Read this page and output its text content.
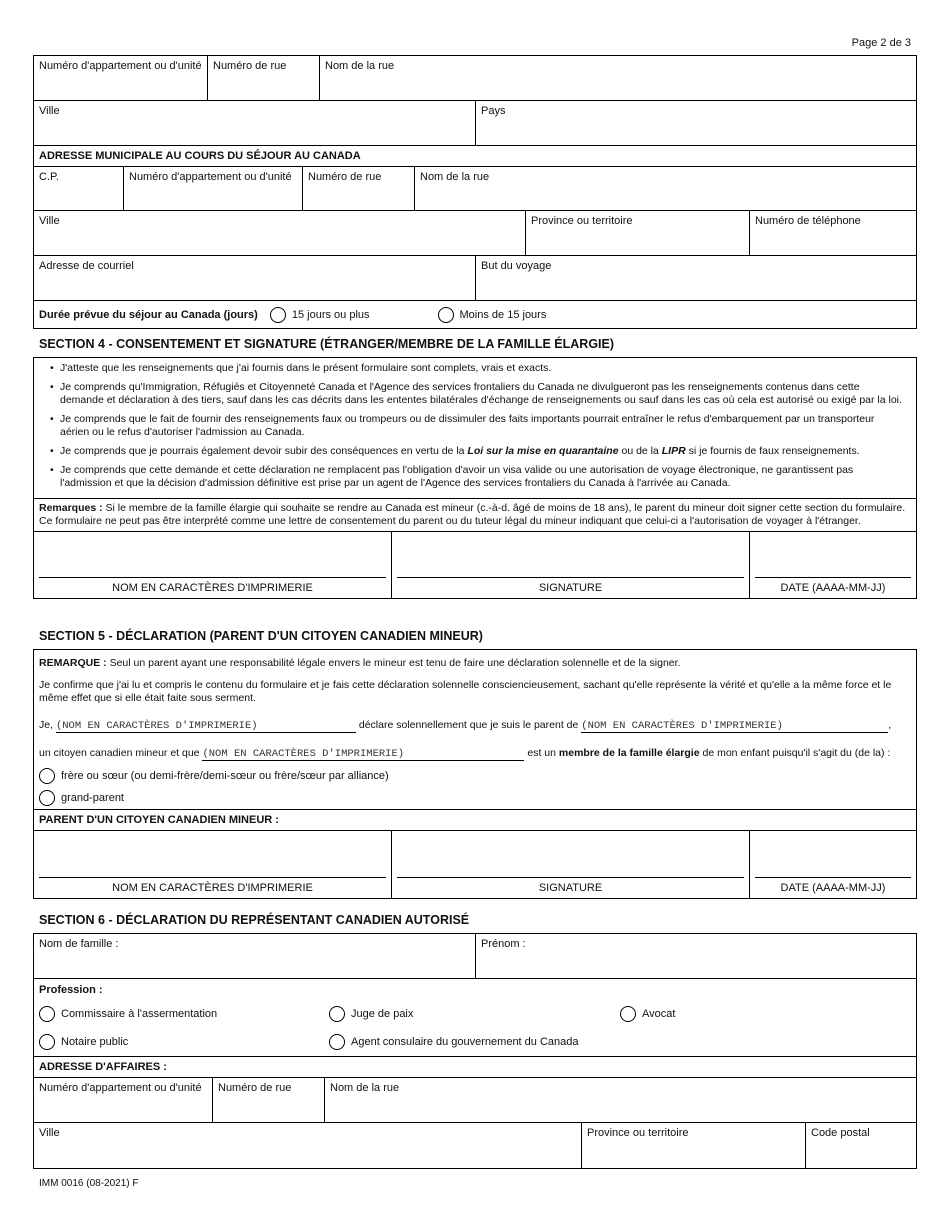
Page 2 de 3
Numéro d'appartement ou d'unité	Numéro de rue	Nom de la rue
Ville	Pays
ADRESSE MUNICIPALE AU COURS DU SÉJOUR AU CANADA
C.P.	Numéro d'appartement ou d'unité	Numéro de rue	Nom de la rue
Ville	Province ou territoire	Numéro de téléphone
Adresse de courriel	But du voyage
Durée prévue du séjour au Canada (jours)	15 jours ou plus	Moins de 15 jours
SECTION 4 - CONSENTEMENT ET SIGNATURE (ÉTRANGER/MEMBRE DE LA FAMILLE ÉLARGIE)
• J'atteste que les renseignements que j'ai fournis dans le présent formulaire sont complets, vrais et exacts.
• Je comprends qu'Immigration, Réfugiés et Citoyenneté Canada et l'Agence des services frontaliers du Canada ne divulgueront pas les renseignements contenus dans cette demande et déclaration à des tiers, sauf dans les cas décrits dans les ententes bilatérales d'échange de renseignements ou sauf dans les cas où cela est autorisé ou exigé par la loi.
• Je comprends que le fait de fournir des renseignements faux ou trompeurs ou de dissimuler des faits importants pourrait entraîner le refus d'embarquement par un transporteur aérien ou le refus d'autoriser l'admission au Canada.
• Je comprends que je pourrais également devoir subir des conséquences en vertu de la Loi sur la mise en quarantaine ou de la LIPR si je fournis de faux renseignements.
• Je comprends que cette demande et cette déclaration ne remplacent pas l'obligation d'avoir un visa valide ou une autorisation de voyage électronique, ne garantissent pas l'admission et que la décision d'admission définitive est prise par un agent de l'Agence des services frontaliers du Canada à l'arrivée au Canada.
Remarques : Si le membre de la famille élargie qui souhaite se rendre au Canada est mineur (c.-à-d. âgé de moins de 18 ans), le parent du mineur doit signer cette section du formulaire. Ce formulaire ne peut pas être interprété comme une lettre de consentement du parent ou du tuteur légal du mineur indiquant que celui-ci a l'autorisation de voyager à l'étranger.
NOM EN CARACTÈRES D'IMPRIMERIE	SIGNATURE	DATE (AAAA-MM-JJ)
SECTION 5 - DÉCLARATION (PARENT D'UN CITOYEN CANADIEN MINEUR)
REMARQUE : Seul un parent ayant une responsabilité légale envers le mineur est tenu de faire une déclaration solennelle et de la signer.
Je confirme que j'ai lu et compris le contenu du formulaire et je fais cette déclaration solennelle consciencieusement, sachant qu'elle représente la vérité et qu'elle a la même force et le même effet que si elle était faite sous serment.
Je, (NOM EN CARACTÈRES D'IMPRIMERIE)	déclare solennellement que je suis le parent de (NOM EN CARACTÈRES D'IMPRIMERIE)	,
un citoyen canadien mineur et que (NOM EN CARACTÈRES D'IMPRIMERIE)	est un membre de la famille élargie de mon enfant puisqu'il s'agit du (de la) :
frère ou sœur (ou demi-frère/demi-sœur ou frère/sœur par alliance)
grand-parent
PARENT D'UN CITOYEN CANADIEN MINEUR :
NOM EN CARACTÈRES D'IMPRIMERIE	SIGNATURE	DATE (AAAA-MM-JJ)
SECTION 6 - DÉCLARATION DU REPRÉSENTANT CANADIEN AUTORISÉ
Nom de famille :	Prénom :
Profession :
Commissaire à l'assermentation	Juge de paix	Avocat
Notaire public	Agent consulaire du gouvernement du Canada
ADRESSE D'AFFAIRES :
Numéro d'appartement ou d'unité	Numéro de rue	Nom de la rue
Ville	Province ou territoire	Code postal
IMM 0016 (08-2021) F
